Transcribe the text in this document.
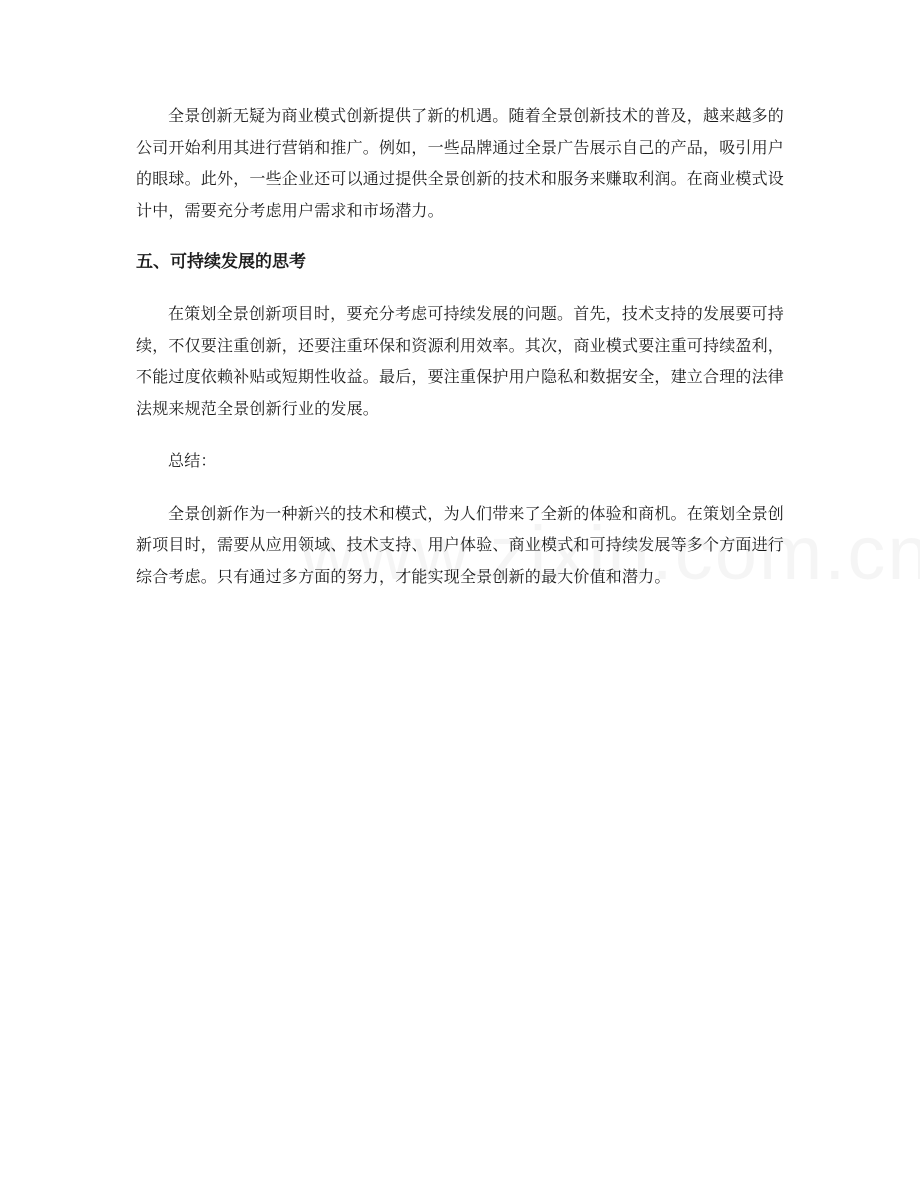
全景创新无疑为商业模式创新提供了新的机遇。随着全景创新技术的普及，越来越多的公司开始利用其进行营销和推广。例如，一些品牌通过全景广告展示自己的产品，吸引用户的眼球。此外，一些企业还可以通过提供全景创新的技术和服务来赚取利润。在商业模式设计中，需要充分考虑用户需求和市场潜力。

五、可持续发展的思考

在策划全景创新项目时，要充分考虑可持续发展的问题。首先，技术支持的发展要可持续，不仅要注重创新，还要注重环保和资源利用效率。其次，商业模式要注重可持续盈利，不能过度依赖补贴或短期性收益。最后，要注重保护用户隐私和数据安全，建立合理的法律法规来规范全景创新行业的发展。

总结：

全景创新作为一种新兴的技术和模式，为人们带来了全新的体验和商机。在策划全景创新项目时，需要从应用领域、技术支持、用户体验、商业模式和可持续发展等多个方面进行综合考虑。只有通过多方面的努力，才能实现全景创新的最大价值和潜力。
